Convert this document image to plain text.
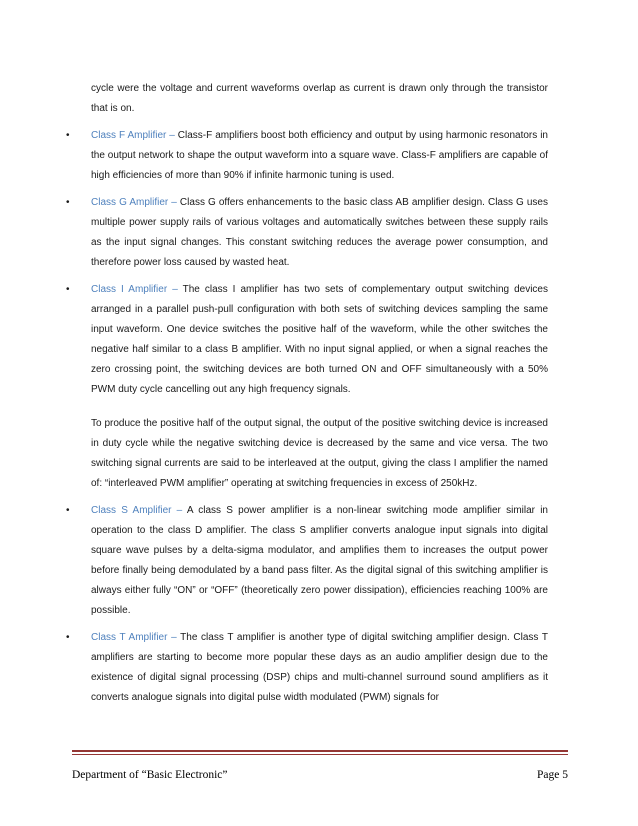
cycle were the voltage and current waveforms overlap as current is drawn only through the transistor that is on.
•	Class F Amplifier – Class-F amplifiers boost both efficiency and output by using harmonic resonators in the output network to shape the output waveform into a square wave. Class-F amplifiers are capable of high efficiencies of more than 90% if infinite harmonic tuning is used.
•	Class G Amplifier – Class G offers enhancements to the basic class AB amplifier design. Class G uses multiple power supply rails of various voltages and automatically switches between these supply rails as the input signal changes. This constant switching reduces the average power consumption, and therefore power loss caused by wasted heat.
•	Class I Amplifier – The class I amplifier has two sets of complementary output switching devices arranged in a parallel push-pull configuration with both sets of switching devices sampling the same input waveform. One device switches the positive half of the waveform, while the other switches the negative half similar to a class B amplifier. With no input signal applied, or when a signal reaches the zero crossing point, the switching devices are both turned ON and OFF simultaneously with a 50% PWM duty cycle cancelling out any high frequency signals.
To produce the positive half of the output signal, the output of the positive switching device is increased in duty cycle while the negative switching device is decreased by the same and vice versa. The two switching signal currents are said to be interleaved at the output, giving the class I amplifier the named of: “interleaved PWM amplifier” operating at switching frequencies in excess of 250kHz.
•	Class S Amplifier – A class S power amplifier is a non-linear switching mode amplifier similar in operation to the class D amplifier. The class S amplifier converts analogue input signals into digital square wave pulses by a delta-sigma modulator, and amplifies them to increases the output power before finally being demodulated by a band pass filter. As the digital signal of this switching amplifier is always either fully “ON” or “OFF” (theoretically zero power dissipation), efficiencies reaching 100% are possible.
•	Class T Amplifier – The class T amplifier is another type of digital switching amplifier design. Class T amplifiers are starting to become more popular these days as an audio amplifier design due to the existence of digital signal processing (DSP) chips and multi-channel surround sound amplifiers as it converts analogue signals into digital pulse width modulated (PWM) signals for
Department of “Basic Electronic”	Page 5
